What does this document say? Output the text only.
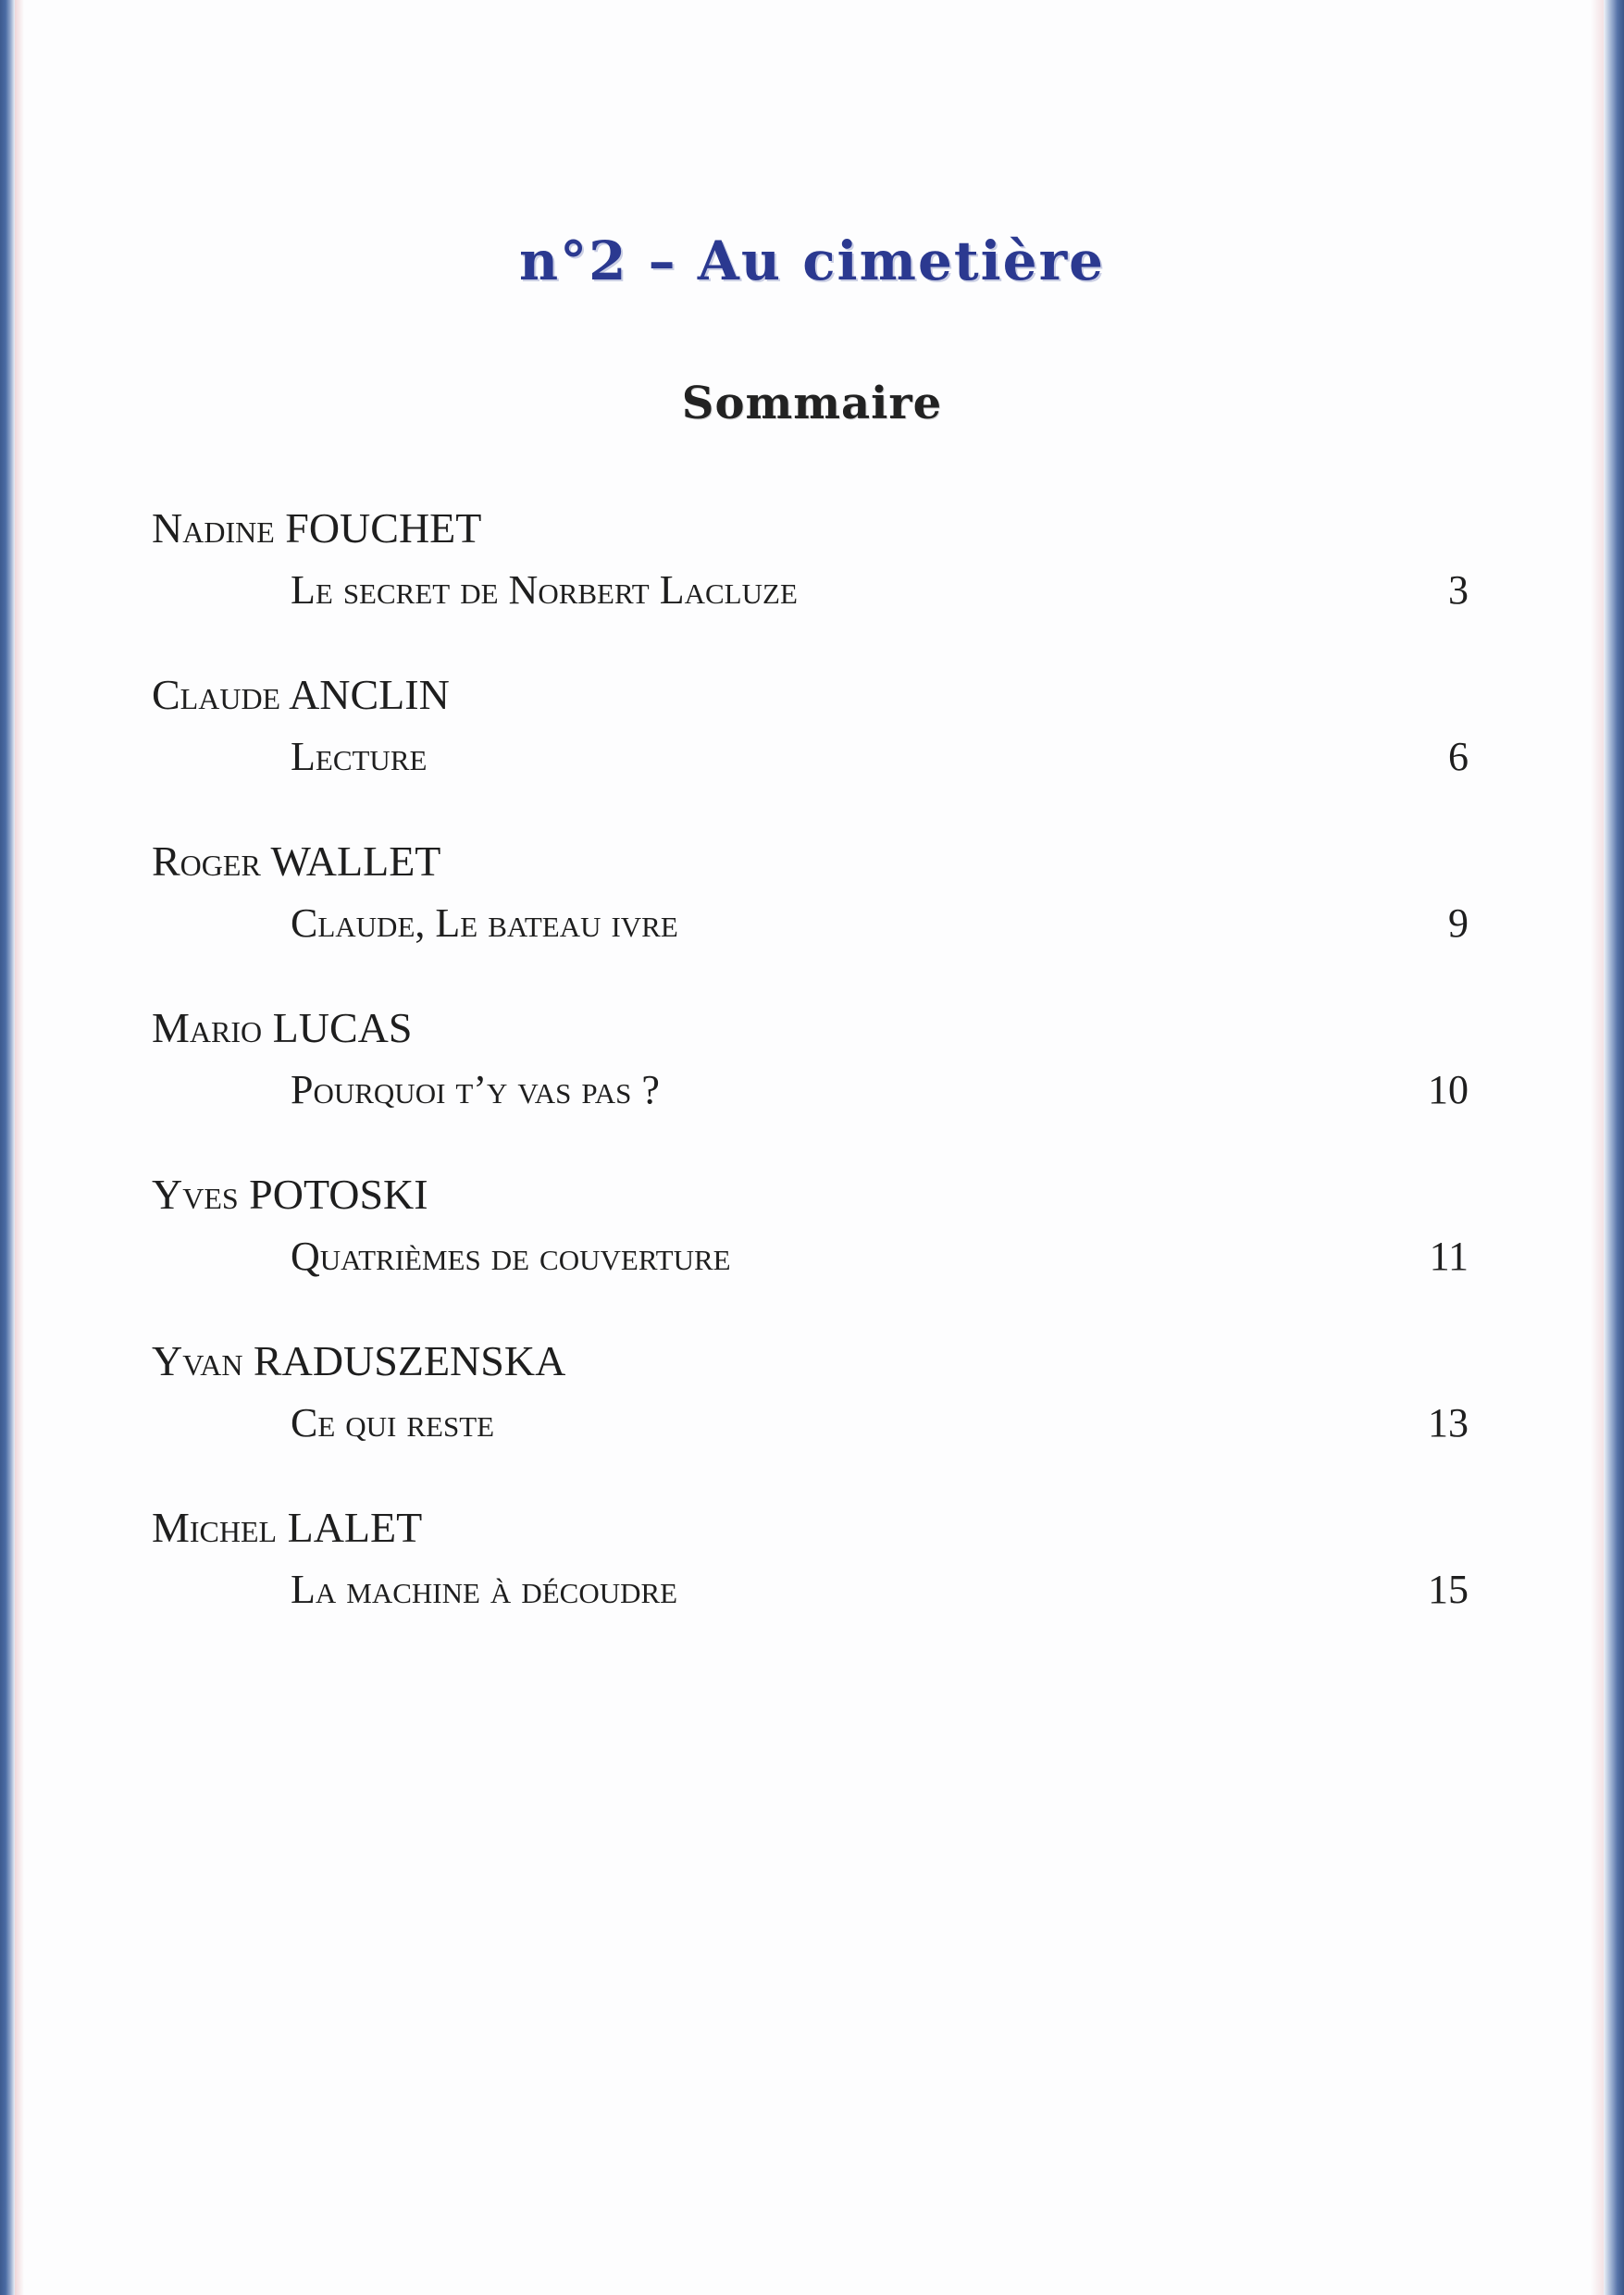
n°2 – Au cimetière
Sommaire
Nadine FOUCHET
Le secret de Norbert Lacluze	3
Claude ANCLIN
Lecture	6
Roger WALLET
Claude, Le bateau ivre	9
Mario LUCAS
Pourquoi t’y vas pas ?	10
Yves POTOSKI
Quatrièmes de couverture	11
Yvan RADUSZENSKA
Ce qui reste	13
Michel LALET
La machine à découdre	15
